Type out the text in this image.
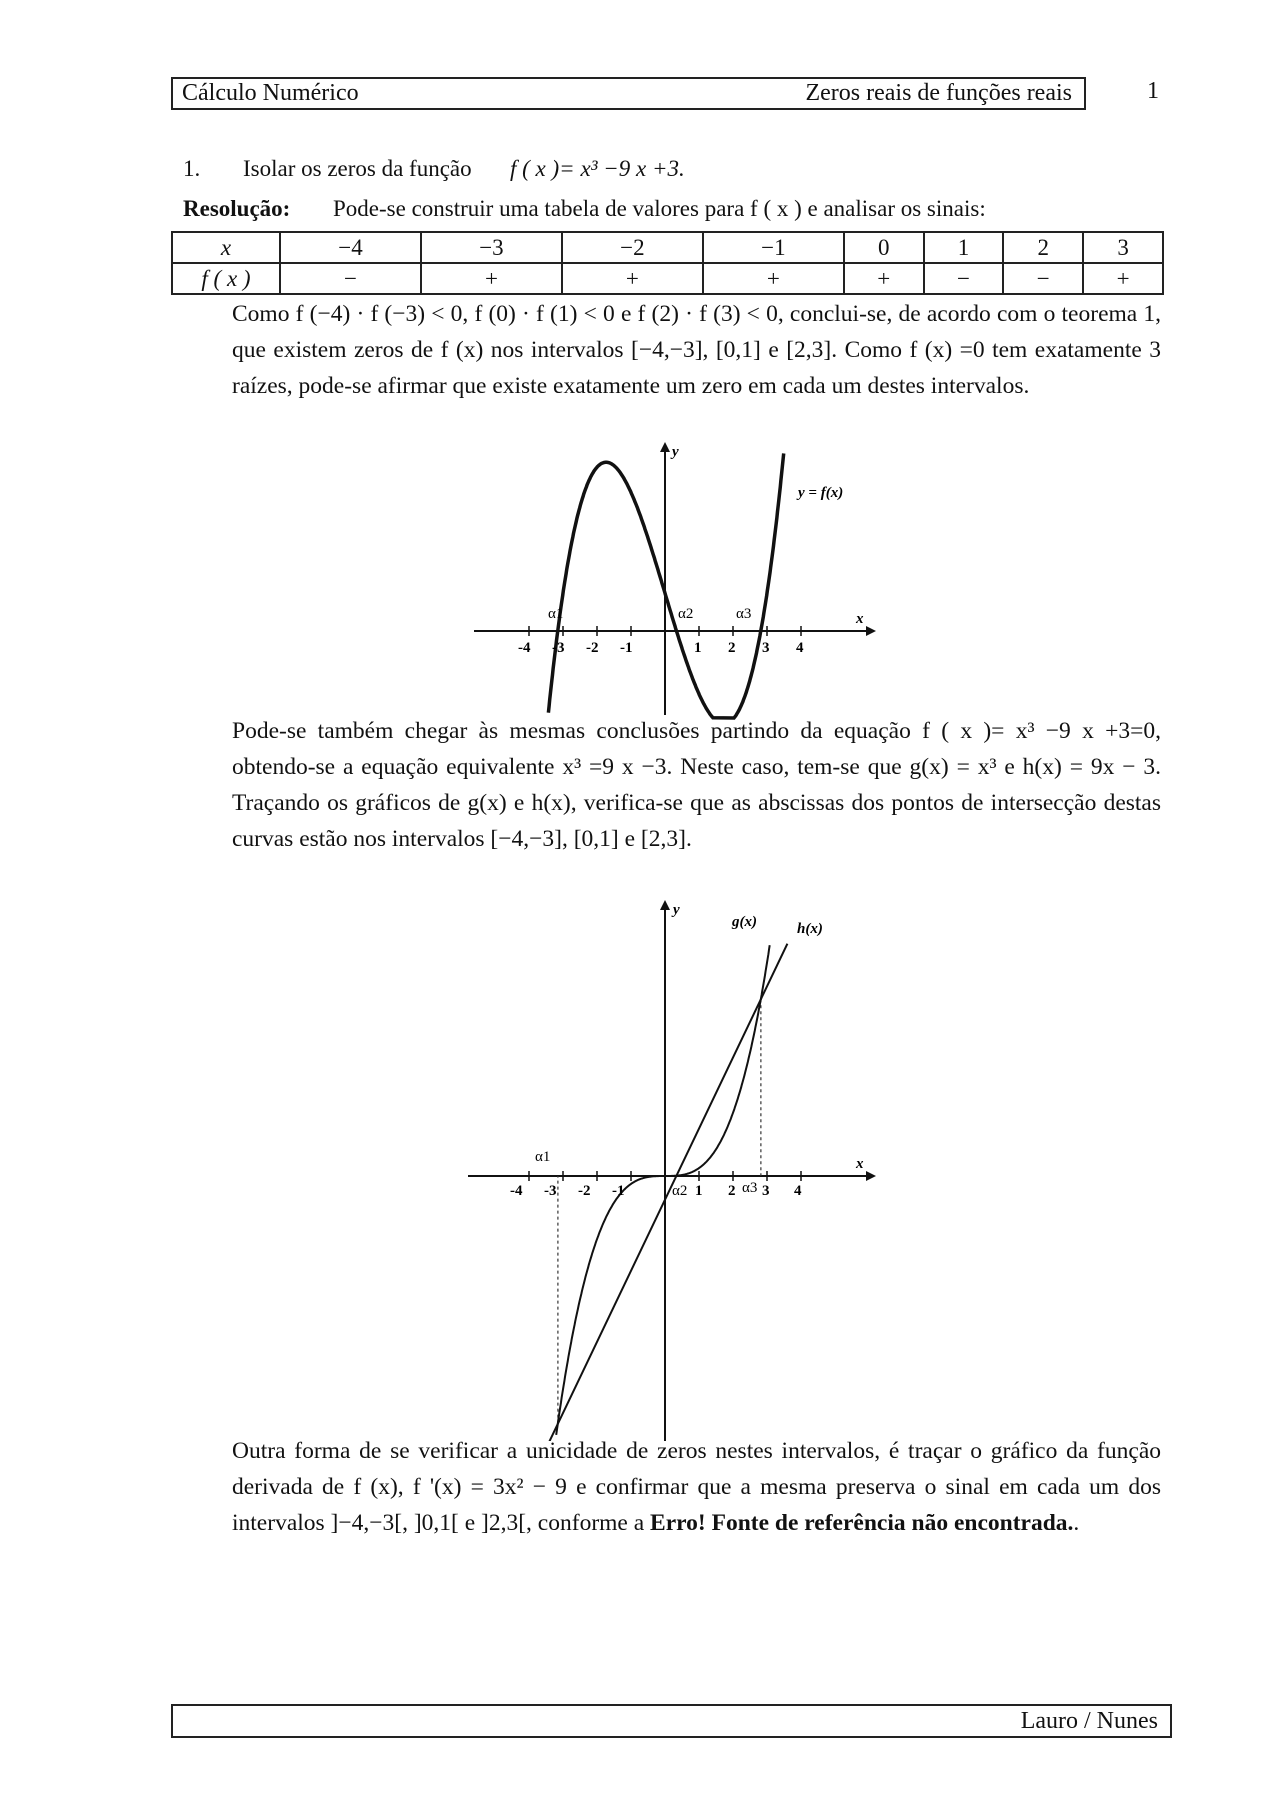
Cálculo Numérico	Zeros reais de funções reais	1
1. Isolar os zeros da função f ( x )= x³ −9 x +3.
Resolução: Pode-se construir uma tabela de valores para f ( x ) e analisar os sinais:
x	−4	−3	−2	−1	0	1	2	3
f ( x )	−	+	+	+	+	−	−	+
Como f (−4) · f (−3) < 0, f (0) · f (1) < 0 e f (2) · f (3) < 0, conclui-se, de acordo com o teorema 1, que existem zeros de f (x) nos intervalos [−4,−3], [0,1] e [2,3]. Como f (x) =0 tem exatamente 3 raízes, pode-se afirmar que existe exatamente um zero em cada um destes intervalos.
y
x
y = f(x)
α1	α2	α3
-4 -3 -2 -1	1 2 3 4
Pode-se também chegar às mesmas conclusões partindo da equação f ( x )= x³ −9 x +3=0, obtendo-se a equação equivalente x³ =9 x −3. Neste caso, tem-se que g(x) = x³ e h(x) = 9x − 3. Traçando os gráficos de g(x) e h(x), verifica-se que as abscissas dos pontos de intersecção destas curvas estão nos intervalos [−4,−3], [0,1] e [2,3].
y
x
g(x)	h(x)
α1
α2	α3
-4 -3 -2 -1	1 2 3 4
Outra forma de se verificar a unicidade de zeros nestes intervalos, é traçar o gráfico da função derivada de f (x), f '(x) = 3x² − 9 e confirmar que a mesma preserva o sinal em cada um dos intervalos ]−4,−3[, ]0,1[ e ]2,3[, conforme a Erro! Fonte de referência não encontrada..
Lauro / Nunes
